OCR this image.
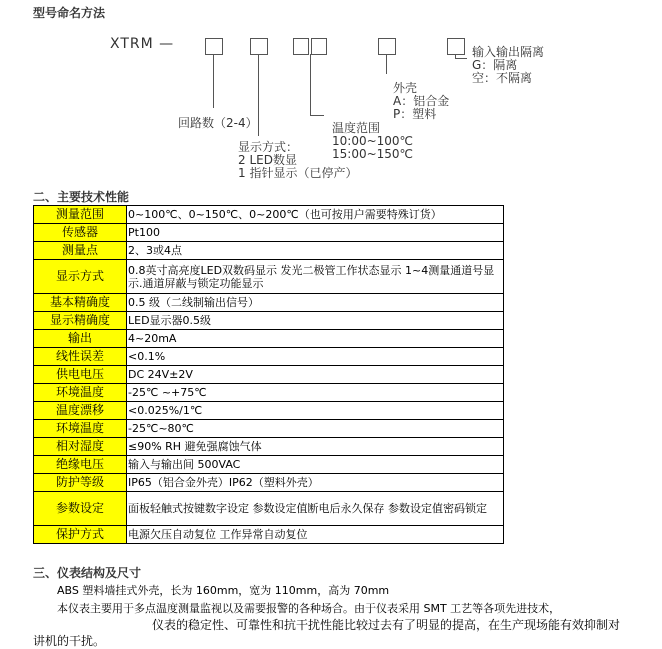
型号命名方法
XTRM —	输入输出隔离
G：隔离
空：不隔离
外壳
A：铝合金
P：塑料
回路数（2-4）	温度范围
10:00~100℃
15:00~150℃
显示方式：
2 LED数显
1 指针显示（已停产）
二、主要技术性能
测量范围	0~100℃、0~150℃、0~200℃（也可按用户需要特殊订货）
传感器	Pt100
测量点	2、3或4点
显示方式	0.8英寸高亮度LED双数码显示 发光二极管工作状态显示 1~4测量通道号显示.通道屏蔽与锁定功能显示
基本精确度	0.5 级（二线制输出信号）
显示精确度	LED显示器0.5级
输出	4~20mA
线性误差	<0.1%
供电电压	DC 24V±2V
环境温度	-25℃ ~+75℃
温度漂移	<0.025%/1℃
环境温度	-25℃~80℃
相对湿度	≤90% RH 避免强腐蚀气体
绝缘电压	输入与输出间 500VAC
防护等级	IP65（铝合金外壳）IP62（塑料外壳）
参数设定	面板轻触式按键数字设定 参数设定值断电后永久保存 参数设定值密码锁定
保护方式	电源欠压自动复位 工作异常自动复位
三、仪表结构及尺寸
ABS 塑料墙挂式外壳，长为 160mm，宽为 110mm，高为 70mm
本仪表主要用于多点温度测量监视以及需要报警的各种场合。由于仪表采用 SMT 工艺等各项先进技术，
仪表的稳定性、可靠性和抗干扰性能比较过去有了明显的提高，在生产现场能有效抑制对
讲机的干扰。
